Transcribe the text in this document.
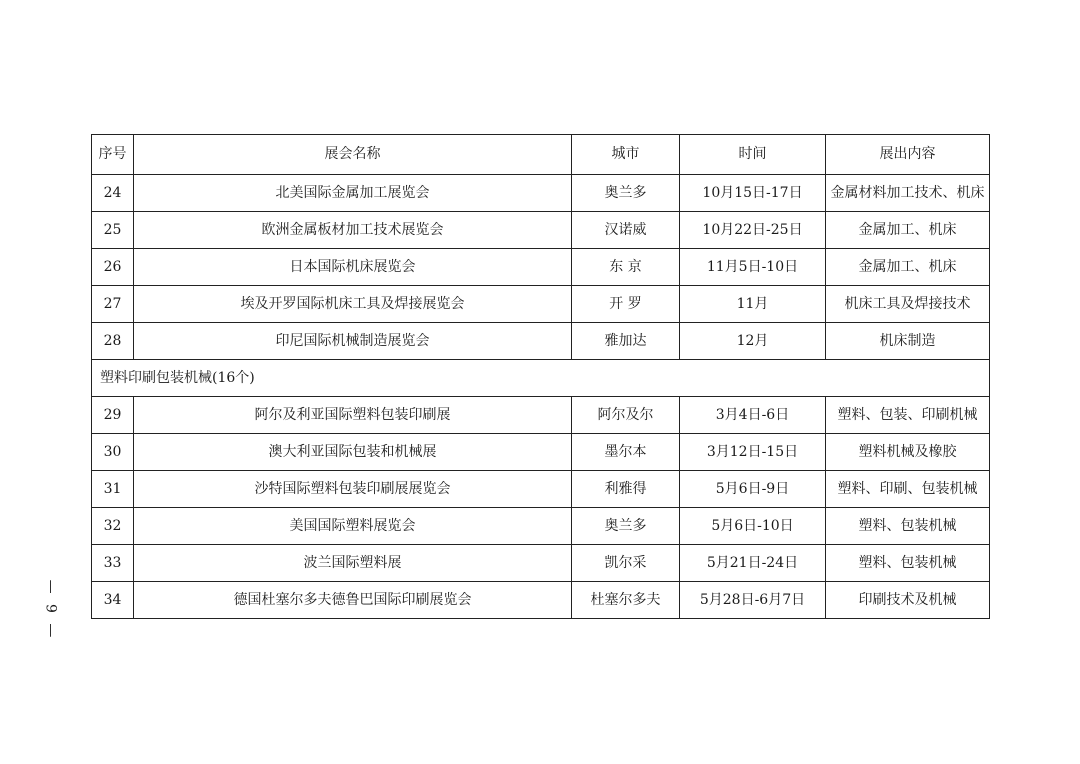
序号	展会名称	城市	时间	展出内容
24	北美国际金属加工展览会	奥兰多	10月15日-17日	金属材料加工技术、机床
25	欧洲金属板材加工技术展览会	汉诺威	10月22日-25日	金属加工、机床
26	日本国际机床展览会	东 京	11月5日-10日	金属加工、机床
27	埃及开罗国际机床工具及焊接展览会	开 罗	11月	机床工具及焊接技术
28	印尼国际机械制造展览会	雅加达	12月	机床制造
塑料印刷包装机械(16个)				
29	阿尔及利亚国际塑料包装印刷展	阿尔及尔	3月4日-6日	塑料、包装、印刷机械
30	澳大利亚国际包装和机械展	墨尔本	3月12日-15日	塑料机械及橡胶
31	沙特国际塑料包装印刷展展览会	利雅得	5月6日-9日	塑料、印刷、包装机械
32	美国国际塑料展览会	奥兰多	5月6日-10日	塑料、包装机械
33	波兰国际塑料展	凯尔采	5月21日-24日	塑料、包装机械
34	德国杜塞尔多夫德鲁巴国际印刷展览会	杜塞尔多夫	5月28日-6月7日	印刷技术及机械
— 9 —
